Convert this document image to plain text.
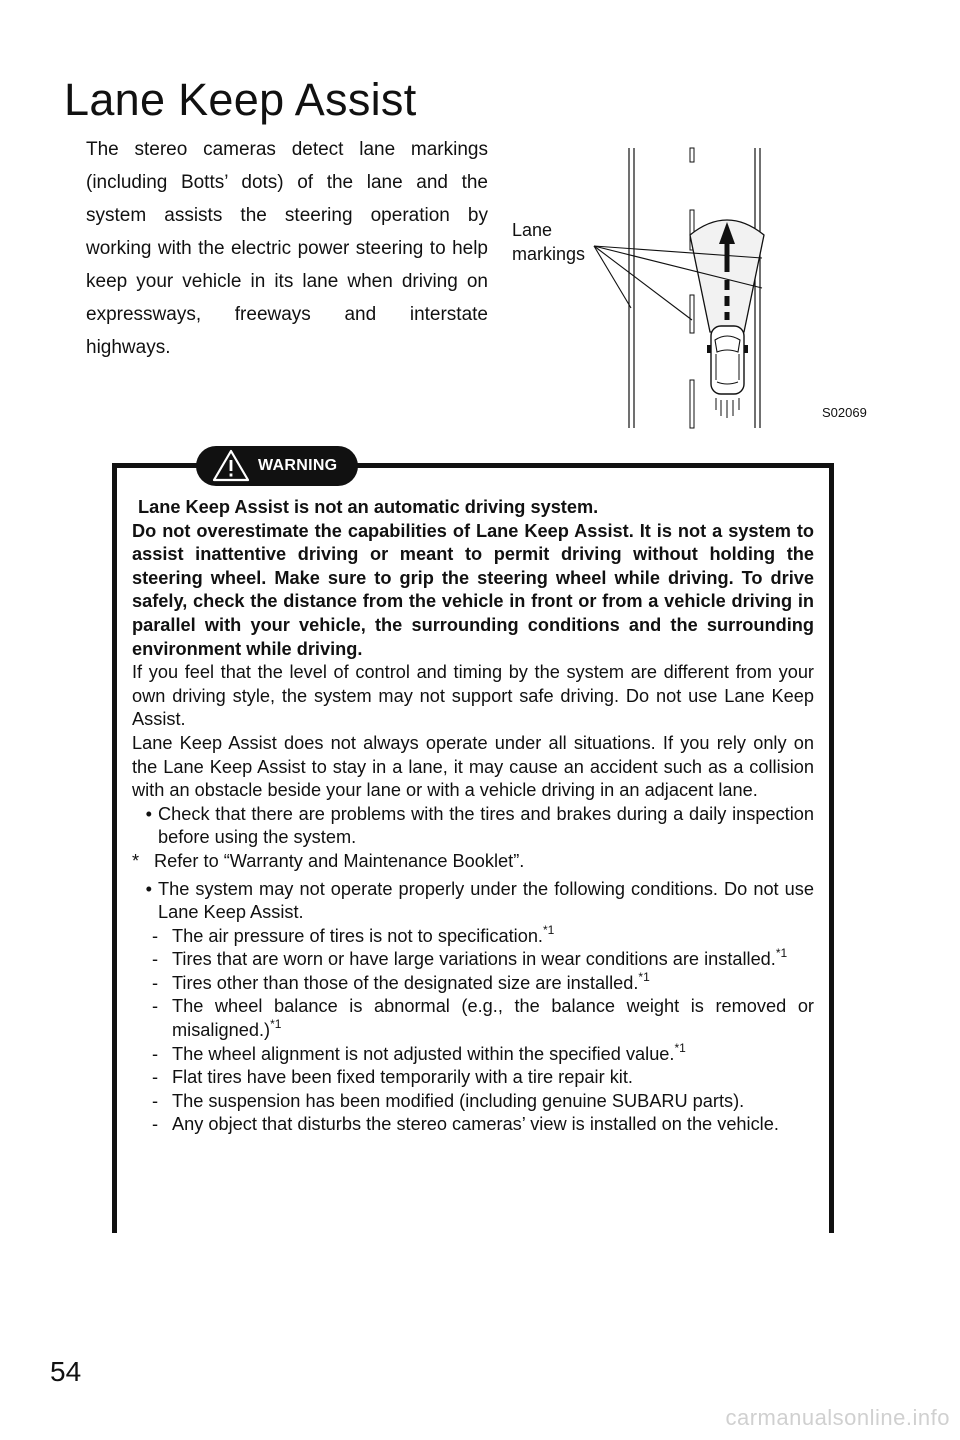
Lane Keep Assist

The stereo cameras detect lane markings (including Botts’ dots) of the lane and the system assists the steering operation by working with the electric power steering to help keep your vehicle in its lane when driving on expressways, freeways and interstate highways.

Lane
markings
S02069
WARNING

Lane Keep Assist is not an automatic driving system.

Do not overestimate the capabilities of Lane Keep Assist. It is not a system to assist inattentive driving or meant to permit driving without holding the steering wheel. Make sure to grip the steering wheel while driving. To drive safely, check the distance from the vehicle in front or from a vehicle driving in parallel with your vehicle, the surrounding conditions and the surrounding environment while driving.

If you feel that the level of control and timing by the system are different from your own driving style, the system may not support safe driving. Do not use Lane Keep Assist.

Lane Keep Assist does not always operate under all situations. If you rely only on the Lane Keep Assist to stay in a lane, it may cause an accident such as a collision with an obstacle beside your lane or with a vehicle driving in an adjacent lane.

• Check that there are problems with the tires and brakes during a daily inspection before using the system.
* Refer to “Warranty and Maintenance Booklet”.
• The system may not operate properly under the following conditions. Do not use Lane Keep Assist.
- The air pressure of tires is not to specification.$^{*1}$
- Tires that are worn or have large variations in wear conditions are installed.$^{*1}$
- Tires other than those of the designated size are installed.$^{*1}$
- The wheel balance is abnormal (e.g., the balance weight is removed or misaligned.)$^{*1}$
- The wheel alignment is not adjusted within the specified value.$^{*1}$
- Flat tires have been fixed temporarily with a tire repair kit.
- The suspension has been modified (including genuine SUBARU parts).
- Any object that disturbs the stereo cameras’ view is installed on the vehicle.
54
carmanualsonline.info
